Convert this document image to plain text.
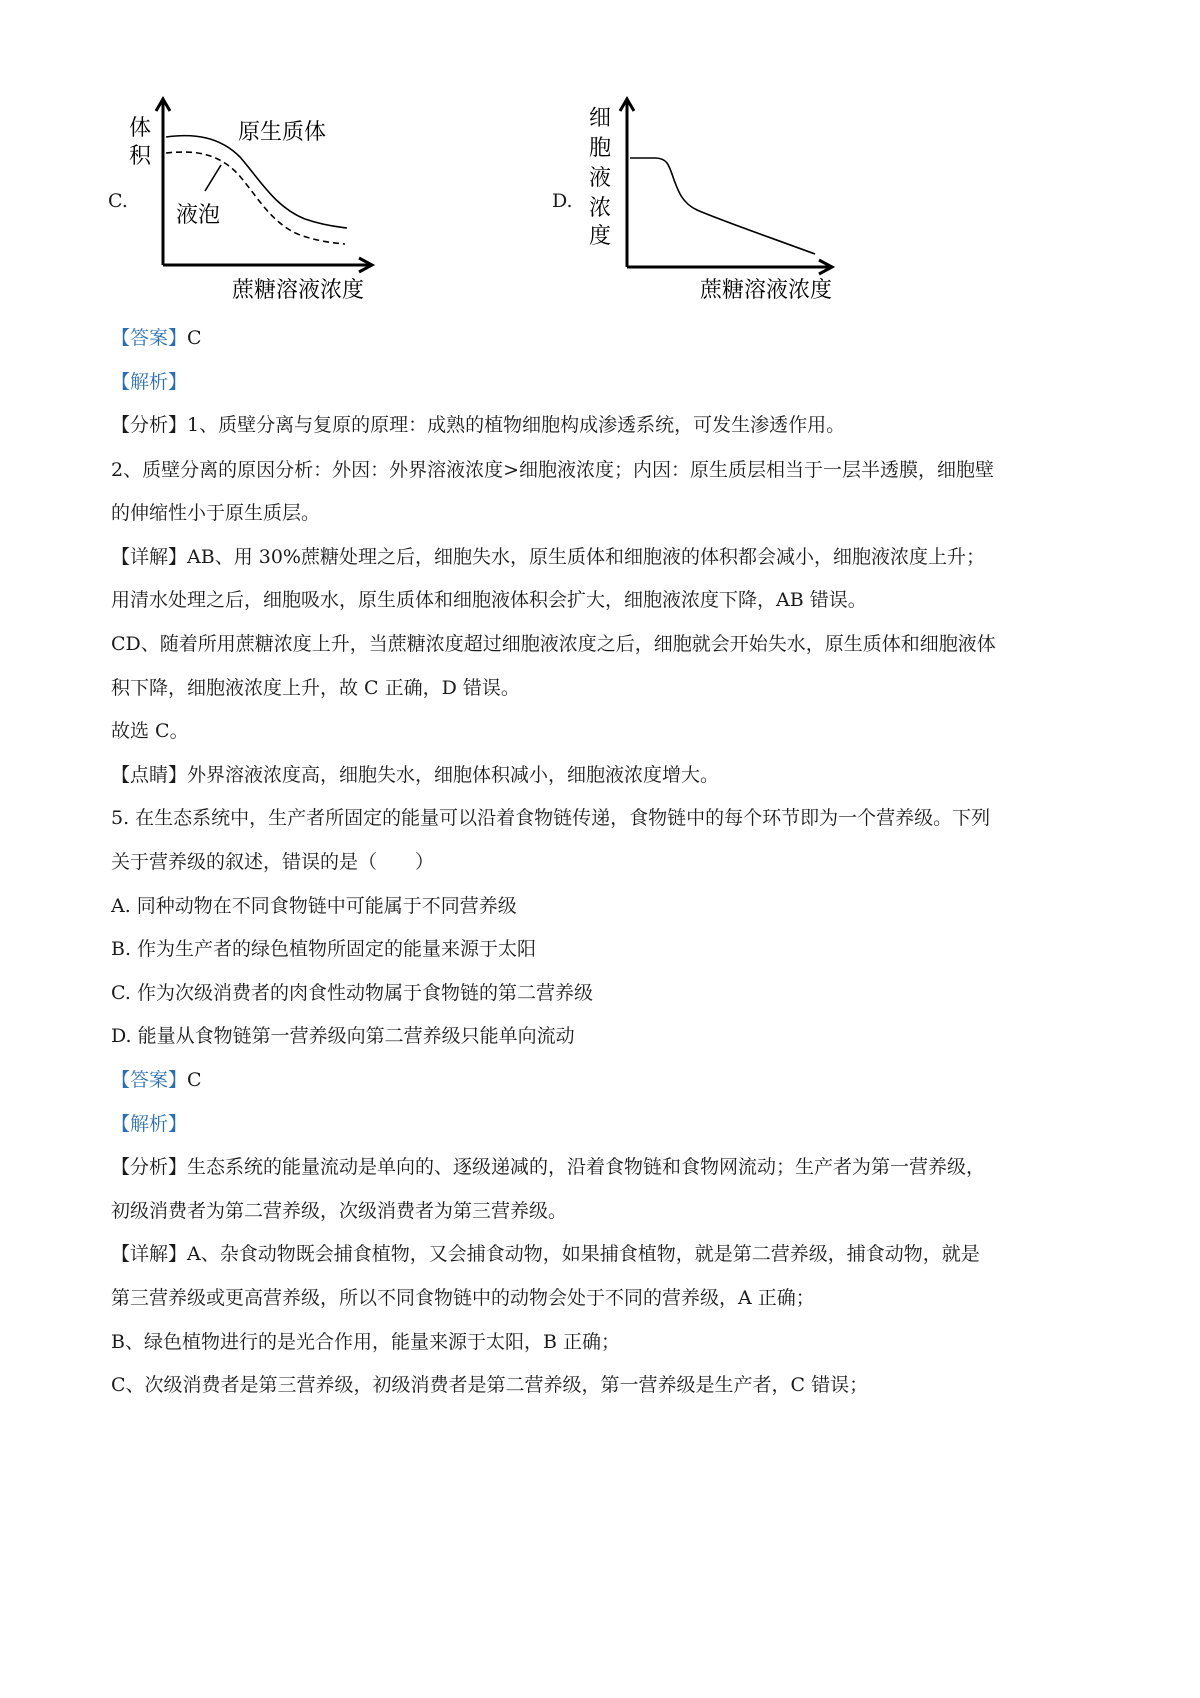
C.
体
积
原生质体
液泡
蔗糖溶液浓度
D.
细
胞
液
浓
度
蔗糖溶液浓度
【答案】C
【解析】
【分析】1、质壁分离与复原的原理：成熟的植物细胞构成渗透系统，可发生渗透作用。
2、质壁分离的原因分析：外因：外界溶液浓度>细胞液浓度；内因：原生质层相当于一层半透膜，细胞壁
的伸缩性小于原生质层。
【详解】AB、用 30%蔗糖处理之后，细胞失水，原生质体和细胞液的体积都会减小，细胞液浓度上升；
用清水处理之后，细胞吸水，原生质体和细胞液体积会扩大，细胞液浓度下降，AB 错误。
CD、随着所用蔗糖浓度上升，当蔗糖浓度超过细胞液浓度之后，细胞就会开始失水，原生质体和细胞液体
积下降，细胞液浓度上升，故 C 正确，D 错误。
故选 C。
【点睛】外界溶液浓度高，细胞失水，细胞体积减小，细胞液浓度增大。
5. 在生态系统中，生产者所固定的能量可以沿着食物链传递，食物链中的每个环节即为一个营养级。下列
关于营养级的叙述，错误的是（　　）
A. 同种动物在不同食物链中可能属于不同营养级
B. 作为生产者的绿色植物所固定的能量来源于太阳
C. 作为次级消费者的肉食性动物属于食物链的第二营养级
D. 能量从食物链第一营养级向第二营养级只能单向流动
【答案】C
【解析】
【分析】生态系统的能量流动是单向的、逐级递减的，沿着食物链和食物网流动；生产者为第一营养级，
初级消费者为第二营养级，次级消费者为第三营养级。
【详解】A、杂食动物既会捕食植物，又会捕食动物，如果捕食植物，就是第二营养级，捕食动物，就是
第三营养级或更高营养级，所以不同食物链中的动物会处于不同的营养级，A 正确；
B、绿色植物进行的是光合作用，能量来源于太阳，B 正确；
C、次级消费者是第三营养级，初级消费者是第二营养级，第一营养级是生产者，C 错误；
